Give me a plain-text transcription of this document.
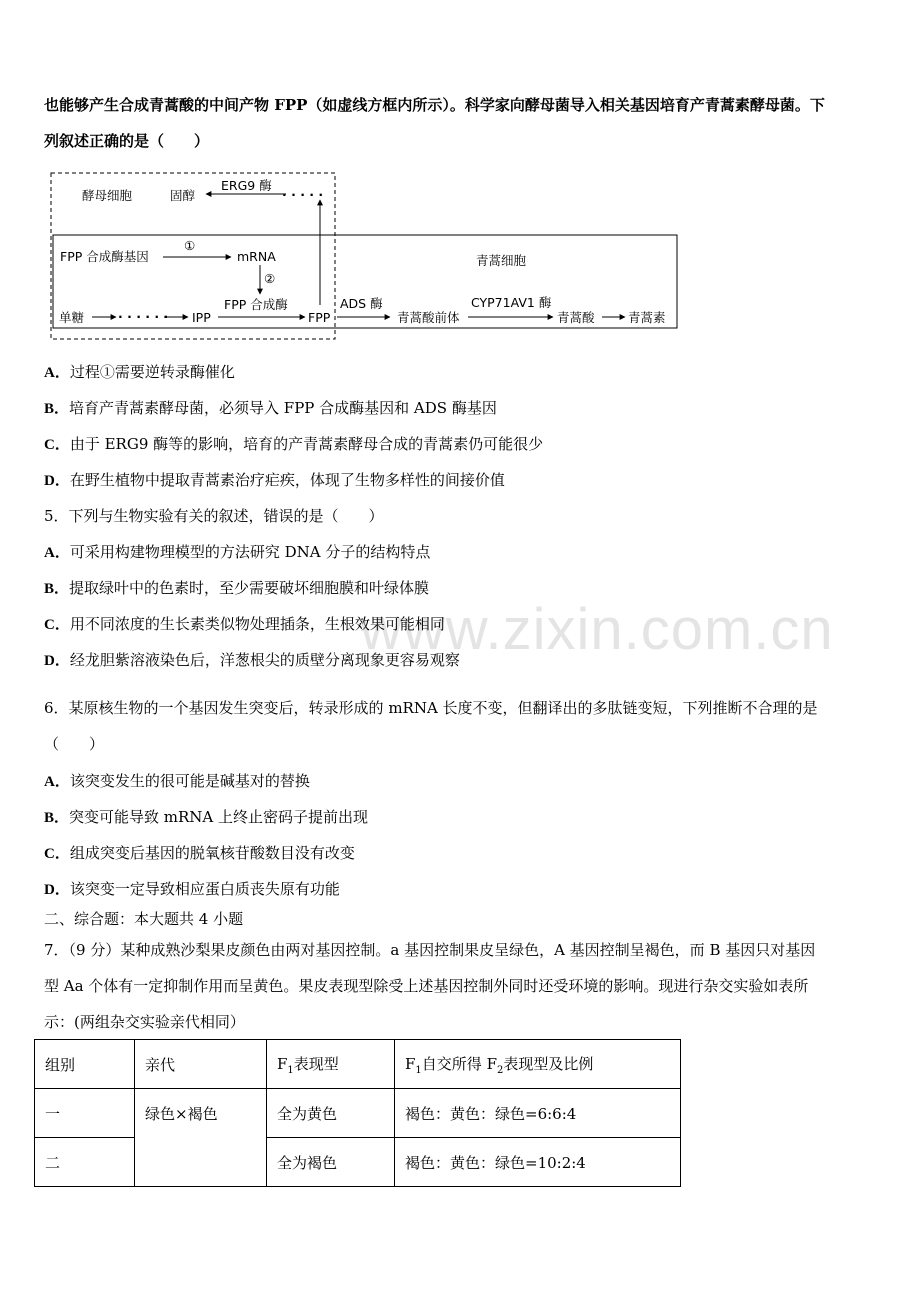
www.zixin.com.cn
也能够产生合成青蒿酸的中间产物 FPP（如虚线方框内所示）。科学家向酵母菌导入相关基因培育产青蒿素酵母菌。下
列叙述正确的是（　　）
酵母细胞	固醇
ERG9 酶
· · · · ·
FPP 合成酶基因
①
mRNA
②
青蒿细胞
单糖	· · · · · · IPP
FPP 合成酶
FPP
ADS 酶
青蒿酸前体
CYP71AV1 酶
青蒿酸	青蒿素
A．过程①需要逆转录酶催化
B．培育产青蒿素酵母菌，必须导入 FPP 合成酶基因和 ADS 酶基因
C．由于 ERG9 酶等的影响，培育的产青蒿素酵母合成的青蒿素仍可能很少
D．在野生植物中提取青蒿素治疗疟疾，体现了生物多样性的间接价值
5．下列与生物实验有关的叙述，错误的是（　　）
A．可采用构建物理模型的方法研究 DNA 分子的结构特点
B．提取绿叶中的色素时，至少需要破坏细胞膜和叶绿体膜
C．用不同浓度的生长素类似物处理插条，生根效果可能相同
D．经龙胆紫溶液染色后，洋葱根尖的质壁分离现象更容易观察
6．某原核生物的一个基因发生突变后，转录形成的 mRNA 长度不变，但翻译出的多肽链变短，下列推断不合理的是
（　　）
A．该突变发生的很可能是碱基对的替换
B．突变可能导致 mRNA 上终止密码子提前出现
C．组成突变后基因的脱氧核苷酸数目没有改变
D．该突变一定导致相应蛋白质丧失原有功能
二、综合题：本大题共 4 小题
7．（9 分）某种成熟沙梨果皮颜色由两对基因控制。a 基因控制果皮呈绿色，A 基因控制呈褐色，而 B 基因只对基因
型 Aa 个体有一定抑制作用而呈黄色。果皮表现型除受上述基因控制外同时还受环境的影响。现进行杂交实验如表所
示：(两组杂交实验亲代相同）
组别	亲代	$F_1$表现型	$F_1$自交所得 $F_2$表现型及比例
一	绿色×褐色	全为黄色	褐色：黄色：绿色=6:6:4
二		全为褐色	褐色：黄色：绿色=10:2:4
